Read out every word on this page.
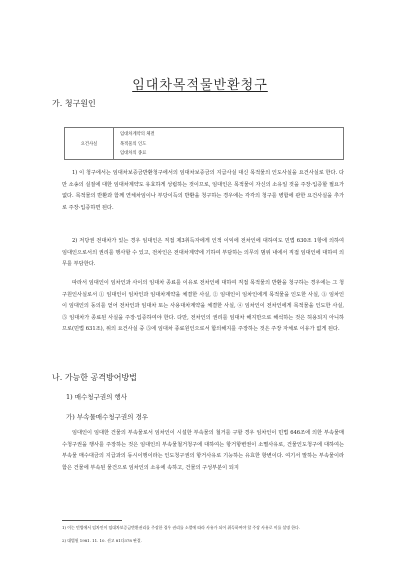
임대차목적물반환청구
가. 청구원인
요건사실
임대차계약의 체결
목적물의 인도
임대차의 종료

1) 이 청구에서는 임대차보증금반환청구에서의 임대차보증금의 지급사실 대신 목적물의 인도사실을 요건사실로 한다. 다만 소송의 실질에 대한 임대차계약도 유효하게 성립하는 것이므로, 임대인은 목적물이 자신의 소유일 것을 주장·입증할 필요가 없다. 목적물의 반환과 함께 연체차임이나 부당이득의 반환을 청구하는 경우에는 각각의 청구를 병합에 관한 요건사실을 추가로 주장·입증하면 된다.

2) 저당권 전대차가 있는 경우 임대인은 직접 제3취득자에게 인적 이익에 전차인에 대하여도 민법 630조 1항에 의하여 임대인으로서의 권리를 행사할 수 있고, 전차인은 전대차계약에 기하여 부담하는 의무의 범위 내에서 직접 임대인에 대하여 의무를 부담한다.

따라서 임대인이 임차인과 사이의 임대차 종료를 이유로 전차인에 대하여 직접 목적물의 반환을 청구하는 경우에는 그 청구원인사실로서 ① 임대인이 임차인과 임대차계약을 체결한 사실, ② 임대인이 임차인에게 목적물을 인도한 사실, ③ 임차인이 임대인의 동의를 얻어 전차인과 임대차 또는 사용대차계약을 체결한 사실, ④ 임차인이 전차인에게 목적물을 인도한 사실, ⑤ 임대차가 종료된 사실을 주장·입증하여야 한다. 다만, 전차인의 권리를 임대차 해지만으로 해석하는 것은 허용되지 아니하므로(민법 631조), 위의 요건사실 중 ⑤에 임대차 종료원인으로서 합의해지를 주장하는 것은 주장 자체로 이유가 없게 된다.

나. 가능한 공격방어방법
1) 매수청구권의 행사
가) 부속물매수청구권의 경우

임대인이 임대한 건물의 부속물로서 임차인이 시설한 부속물의 철거를 구할 경우 임차인이 민법 646조에 의한 부속물매수청구권을 행사를 주장하는 것은 임대인의 부속물철거청구에 대하여는 항거항변권이 소멸사유로, 건물인도청구에 대하여는 부속물 매수대금의 지급과의 동시이행이라는 인도청구권의 항거사유로 기능하는 유효한 항변이다. 여기서 말하는 부속물이라 함은 건물에 부속된 물건으로 임차인의 소유에 속하고, 건물의 구성부분이 되지

1) 이는 민법에서 임차인이 임대차보증금반환권리를 주장한 경우 권리를 소멸에 따라 사유가 되어 취득하여야 할 주장 사유로 이를 설명 한다.

2) 대법원 1981. 11. 10. 선고 81다378 판결.
